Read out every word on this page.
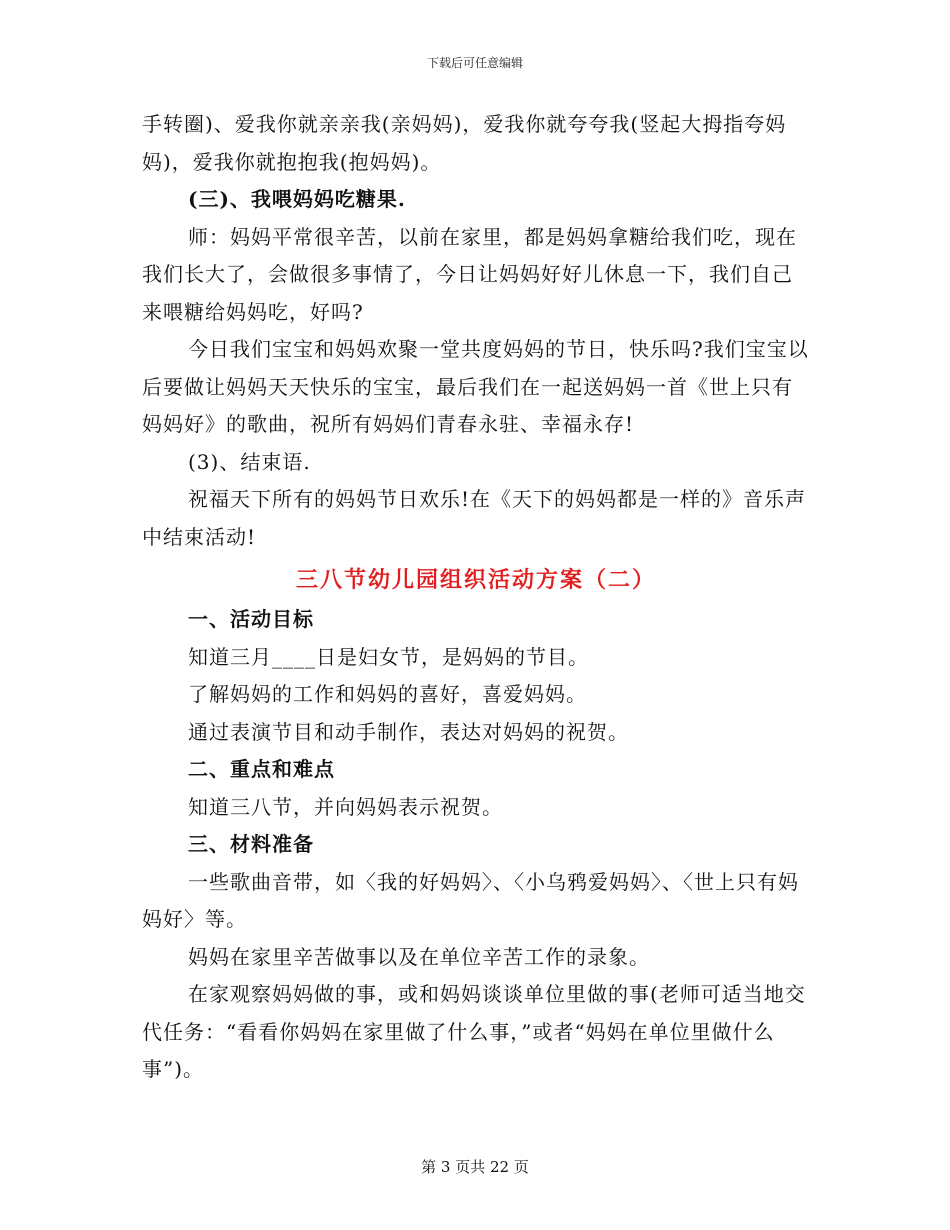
下载后可任意编辑

手转圈)、爱我你就亲亲我(亲妈妈)，爱我你就夸夸我(竖起大拇指夸妈妈)，爱我你就抱抱我(抱妈妈)。

(三)、我喂妈妈吃糖果.

师：妈妈平常很辛苦，以前在家里，都是妈妈拿糖给我们吃，现在我们长大了，会做很多事情了，今日让妈妈好好儿休息一下，我们自己来喂糖给妈妈吃，好吗?

今日我们宝宝和妈妈欢聚一堂共度妈妈的节日，快乐吗?我们宝宝以后要做让妈妈天天快乐的宝宝，最后我们在一起送妈妈一首《世上只有妈妈好》的歌曲，祝所有妈妈们青春永驻、幸福永存!

(3)、结束语.

祝福天下所有的妈妈节日欢乐!在《天下的妈妈都是一样的》音乐声中结束活动!

三八节幼儿园组织活动方案（二）

一、活动目标

知道三月____日是妇女节，是妈妈的节目。

了解妈妈的工作和妈妈的喜好，喜爱妈妈。

通过表演节目和动手制作，表达对妈妈的祝贺。

二、重点和难点

知道三八节，并向妈妈表示祝贺。

三、材料准备

一些歌曲音带，如〈我的好妈妈〉、〈小乌鸦爱妈妈〉、〈世上只有妈妈好〉等。

妈妈在家里辛苦做事以及在单位辛苦工作的录象。

在家观察妈妈做的事，或和妈妈谈谈单位里做的事(老师可适当地交代任务：“看看你妈妈在家里做了什么事，”或者“妈妈在单位里做什么事”)。

第 3 页共 22 页
